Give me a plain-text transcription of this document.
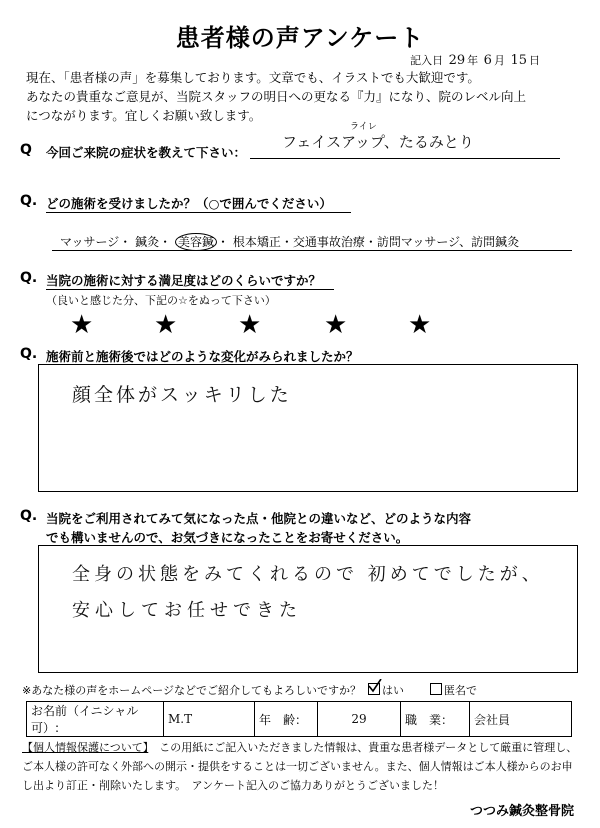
患者様の声アンケート
記入日 29 年 6 月 15 日
現在、「患者様の声」を募集しております。文章でも、イラストでも大歓迎です。
あなたの貴重なご意見が、当院スタッフの明日への更なる『力』になり、院のレベル向上
につながります。宜しくお願い致します。
Q 今回ご来院の症状を教えて下さい：
ライレ
フェイスアップ、たるみとり
Q. どの施術を受けましたか？（○で囲んでください）
マッサージ・ 鍼灸・ 美容鍼 ・ 根本矯正・交通事故治療・訪問マッサージ、訪問鍼灸
Q. 当院の施術に対する満足度はどのくらいですか？
（良いと感じた分、下記の☆をぬって下さい）
★ ★ ★ ★ ★
Q. 施術前と施術後ではどのような変化がみられましたか？
顔全体がスッキリした
Q. 当院をご利用されてみて気になった点・他院との違いなど、どのような内容
でも構いませんので、お気づきになったことをお寄せください。
全身の状態をみてくれるので 初めてでしたが、
安心してお任せできた
※あなた様の声をホームページなどでご紹介してもよろしいですか？	はい	匿名で
お名前（イニシャル可）:	M.T	年　齢：	29	職　業：	会社員
【個人情報保護について】　 この用紙にご記入いただきました情報は、貴重な患者様データとして厳重に管理し、
ご本人様の許可なく外部への開示・提供をすることは一切ございません。また、個人情報はご本人様からのお申
し出より訂正・削除いたします。　アンケート記入のご協力ありがとうございました！
つつみ鍼灸整骨院
